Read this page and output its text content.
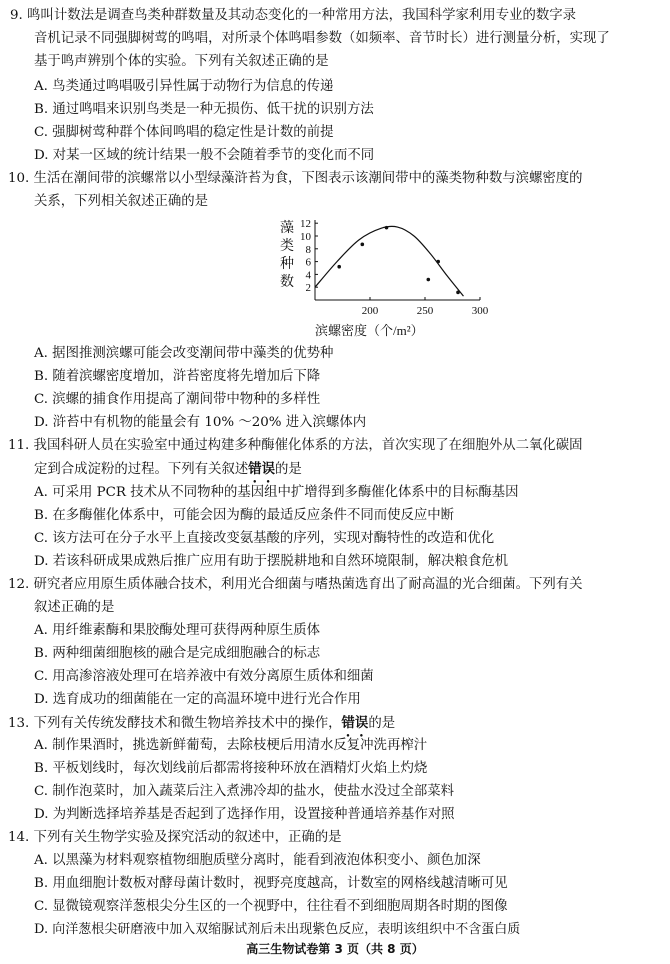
9. 鸣叫计数法是调查鸟类种群数量及其动态变化的一种常用方法，我国科学家利用专业的数字录
音机记录不同强脚树莺的鸣唱，对所录个体鸣唱参数（如频率、音节时长）进行测量分析，实现了
基于鸣声辨别个体的实验。下列有关叙述正确的是
A. 鸟类通过鸣唱吸引异性属于动物行为信息的传递
B. 通过鸣唱来识别鸟类是一种无损伤、低干扰的识别方法
C. 强脚树莺种群个体间鸣唱的稳定性是计数的前提
D. 对某一区域的统计结果一般不会随着季节的变化而不同
10. 生活在潮间带的滨螺常以小型绿藻浒苔为食，下图表示该潮间带中的藻类物种数与滨螺密度的
关系，下列相关叙述正确的是
藻
类
种
数 2
4
6
8
10
12
200	250	300
滨螺密度（个/m²）
A. 据图推测滨螺可能会改变潮间带中藻类的优势种
B. 随着滨螺密度增加，浒苔密度将先增加后下降
C. 滨螺的捕食作用提高了潮间带中物种的多样性
D. 浒苔中有机物的能量会有 10% ～20% 进入滨螺体内
11. 我国科研人员在实验室中通过构建多种酶催化体系的方法，首次实现了在细胞外从二氧化碳固
定到合成淀粉的过程。下列有关叙述错误的是
A. 可采用 PCR 技术从不同物种的基因组中扩增得到多酶催化体系中的目标酶基因
B. 在多酶催化体系中，可能会因为酶的最适反应条件不同而使反应中断
C. 该方法可在分子水平上直接改变氨基酸的序列，实现对酶特性的改造和优化
D. 若该科研成果成熟后推广应用有助于摆脱耕地和自然环境限制，解决粮食危机
12. 研究者应用原生质体融合技术，利用光合细菌与嗜热菌选育出了耐高温的光合细菌。下列有关
叙述正确的是
A. 用纤维素酶和果胶酶处理可获得两种原生质体
B. 两种细菌细胞核的融合是完成细胞融合的标志
C. 用高渗溶液处理可在培养液中有效分离原生质体和细菌
D. 选育成功的细菌能在一定的高温环境中进行光合作用
13. 下列有关传统发酵技术和微生物培养技术中的操作，错误的是
A. 制作果酒时，挑选新鲜葡萄，去除枝梗后用清水反复冲洗再榨汁
B. 平板划线时，每次划线前后都需将接种环放在酒精灯火焰上灼烧
C. 制作泡菜时，加入蔬菜后注入煮沸冷却的盐水，使盐水没过全部菜料
D. 为判断选择培养基是否起到了选择作用，设置接种普通培养基作对照
14. 下列有关生物学实验及探究活动的叙述中，正确的是
A. 以黑藻为材料观察植物细胞质壁分离时，能看到液泡体积变小、颜色加深
B. 用血细胞计数板对酵母菌计数时，视野亮度越高，计数室的网格线越清晰可见
C. 显微镜观察洋葱根尖分生区的一个视野中，往往看不到细胞周期各时期的图像
D. 向洋葱根尖研磨液中加入双缩脲试剂后未出现紫色反应，表明该组织中不含蛋白质
高三生物试卷第 3 页（共 8 页）
